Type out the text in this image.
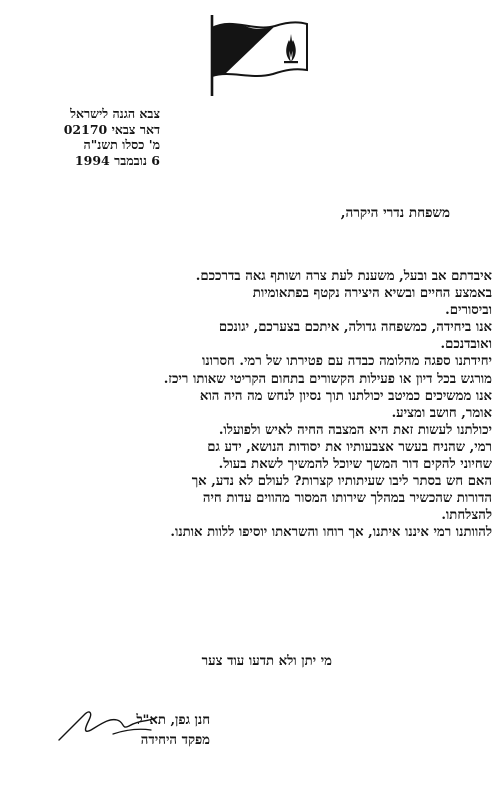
צבא הגנה לישראל
דאר צבאי 02170
מ' כסלו תשנ"ה
6 נובמבר 1994
משפחת נדרי היקרה,
איבדתם אב ובעל, משענת לעת צרה ושותף גאה בדרככם.
באמצע החיים ובשיא היצירה נקטף בפתאומיות
וביסורים.
אנו ביחידה, כמשפחה גדולה, איתכם בצערכם, יגונכם
ואובדנכם.
יחידתנו ספגה מהלומה כבדה עם פטירתו של רמי. חסרונו
מורגש בכל דיון או פעילות הקשורים בתחום הקריטי שאותו ריכז.
אנו ממשיכים כמיטב יכולתנו תוך נסיון לנחש מה היה הוא
אומר, חושב ומציע.
יכולתנו לעשות זאת היא המצבה החיה לאיש ולפועלו.
רמי, שהניח בעשר אצבעותיו את יסודות הנושא, ידע גם
שחיוני להקים דור המשך שיוכל להמשיך לשאת בעול.
האם חש בסתר ליבו שעיתותיו קצרות? לעולם לא נדע, אך
הדורות שהכשיר במהלך שירותו המסור מהווים עדות חיה
להצלחתו.
להוותנו רמי איננו איתנו, אך רוחו והשראתו יוסיפו ללוות אותנו.
מי יתן ולא תדעו עוד צער
חנן גפן, תא"ל
מפקד היחידה
